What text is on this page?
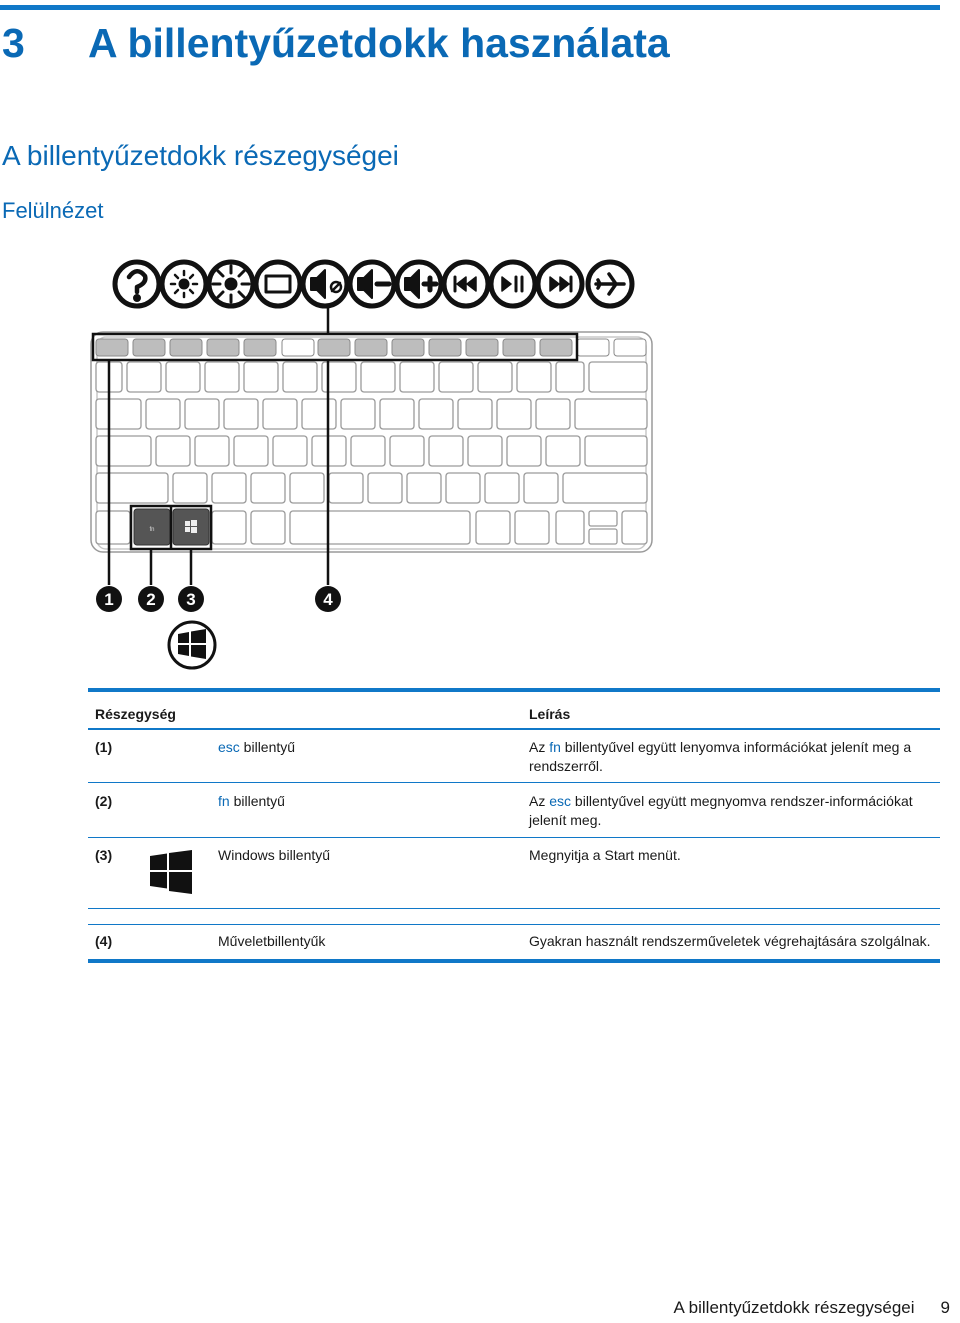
3 A billentyűzetdokk használata
A billentyűzetdokk részegységei
Felülnézet
fn
1 2 3	4
Részegység	Leírás
(1)	esc billentyű	Az fn billentyűvel együtt lenyomva információkat jelenít meg a rendszerről.
(2)	fn billentyű	Az esc billentyűvel együtt megnyomva rendszer-információkat jelenít meg.
(3)	Windows billentyű	Megnyitja a Start menüt.
(4)	Műveletbillentyűk	Gyakran használt rendszerműveletek végrehajtására szolgálnak.
A billentyűzetdokk részegységei 9
